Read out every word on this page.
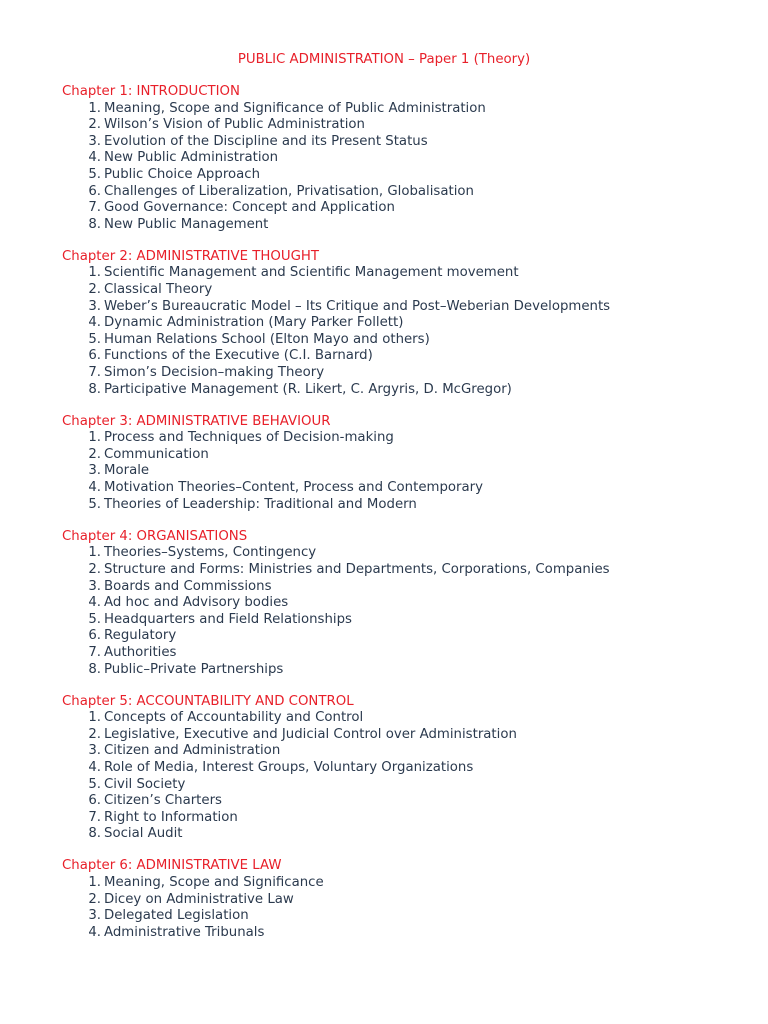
PUBLIC ADMINISTRATION – Paper 1 (Theory)
Chapter 1: INTRODUCTION
1. Meaning, Scope and Significance of Public Administration
2. Wilson’s Vision of Public Administration
3. Evolution of the Discipline and its Present Status
4. New Public Administration
5. Public Choice Approach
6. Challenges of Liberalization, Privatisation, Globalisation
7. Good Governance: Concept and Application
8. New Public Management
Chapter 2: ADMINISTRATIVE THOUGHT
1. Scientific Management and Scientific Management movement
2. Classical Theory
3. Weber’s Bureaucratic Model – Its Critique and Post–Weberian Developments
4. Dynamic Administration (Mary Parker Follett)
5. Human Relations School (Elton Mayo and others)
6. Functions of the Executive (C.I. Barnard)
7. Simon’s Decision–making Theory
8. Participative Management (R. Likert, C. Argyris, D. McGregor)
Chapter 3: ADMINISTRATIVE BEHAVIOUR
1. Process and Techniques of Decision-making
2. Communication
3. Morale
4. Motivation Theories–Content, Process and Contemporary
5. Theories of Leadership: Traditional and Modern
Chapter 4: ORGANISATIONS
1. Theories–Systems, Contingency
2. Structure and Forms: Ministries and Departments, Corporations, Companies
3. Boards and Commissions
4. Ad hoc and Advisory bodies
5. Headquarters and Field Relationships
6. Regulatory
7. Authorities
8. Public–Private Partnerships
Chapter 5: ACCOUNTABILITY AND CONTROL
1. Concepts of Accountability and Control
2. Legislative, Executive and Judicial Control over Administration
3. Citizen and Administration
4. Role of Media, Interest Groups, Voluntary Organizations
5. Civil Society
6. Citizen’s Charters
7. Right to Information
8. Social Audit
Chapter 6: ADMINISTRATIVE LAW
1. Meaning, Scope and Significance
2. Dicey on Administrative Law
3. Delegated Legislation
4. Administrative Tribunals
